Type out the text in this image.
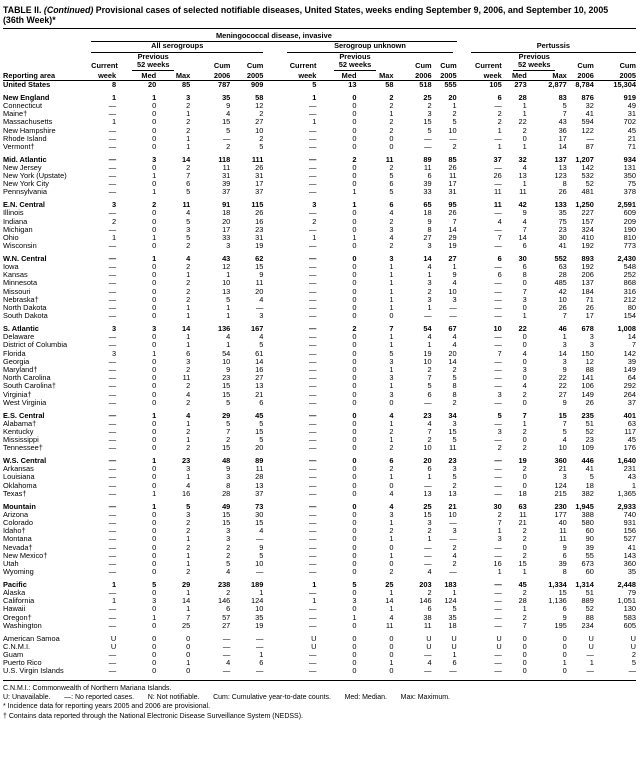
TABLE II. (Continued) Provisional cases of selected notifiable diseases, United States, weeks ending September 9, 2006, and September 10, 2005
(36th Week)*
	Meningococcal disease, invasive														

	All serogroups					Serogroup unknown					Pertussis				

	Current	Previous
52 weeks		Cum	Cum	Current	Previous
52 weeks		Cum	Cum	Current	Previous
52 weeks		Cum	Cum
Reporting area	week	Med	Max	2006	2005	week	Med	Max	2006	2005	week	Med	Max	2006	2005
United States	8	20	85	787	909	5	13	58	518	555	105	273	2,877	8,784	15,304
New England	1	1	3	35	58	1	0	2	25	20	6	28	83	876	919
Connecticut	—	0	2	9	12	—	0	2	2	1	—	1	5	32	49
Maine†	—	0	1	4	2	—	0	1	3	2	2	1	7	41	31
Massachusetts	1	0	2	15	27	1	0	2	15	5	2	22	43	594	702
New Hampshire	—	0	2	5	10	—	0	2	5	10	1	2	36	122	45
Rhode Island	—	0	1	—	2	—	0	0	—	—	—	0	17	—	21
Vermont†	—	0	1	2	5	—	0	0	—	2	1	1	14	87	71
Mid. Atlantic	—	3	14	118	111	—	2	11	89	85	37	32	137	1,207	934
New Jersey	—	0	2	11	26	—	0	2	11	26	—	4	13	142	131
New York (Upstate)	—	1	7	31	31	—	0	5	6	11	26	13	123	532	350
New York City	—	0	6	39	17	—	0	6	39	17	—	1	8	52	75
Pennsylvania	—	1	5	37	37	—	1	5	33	31	11	11	26	481	378
E.N. Central	3	2	11	91	115	3	1	6	65	95	11	42	133	1,250	2,591
Illinois	—	0	4	18	26	—	0	4	18	26	—	9	35	227	609
Indiana	2	0	5	20	16	2	0	2	9	7	4	4	75	157	209
Michigan	—	0	3	17	23	—	0	3	8	14	—	7	23	324	190
Ohio	1	1	5	33	31	1	1	4	27	29	7	14	30	410	810
Wisconsin	—	0	2	3	19	—	0	2	3	19	—	6	41	192	773
W.N. Central	—	1	4	43	62	—	0	3	14	27	6	30	552	893	2,430
Iowa	—	0	2	12	15	—	0	1	4	1	—	6	63	192	548
Kansas	—	0	1	1	9	—	0	1	1	9	6	8	28	206	252
Minnesota	—	0	2	10	11	—	0	1	3	4	—	0	485	137	868
Missouri	—	0	2	13	20	—	0	1	2	10	—	7	42	184	316
Nebraska†	—	0	2	5	4	—	0	1	3	3	—	3	10	71	212
North Dakota	—	0	1	1	—	—	0	1	1	—	—	0	26	26	80
South Dakota	—	0	1	1	3	—	0	0	—	—	—	1	7	17	154
S. Atlantic	3	3	14	136	167	—	2	7	54	67	10	22	46	678	1,008
Delaware	—	0	1	4	4	—	0	1	4	4	—	0	1	3	14
District of Columbia	—	0	1	1	5	—	0	1	1	4	—	0	3	3	7
Florida	3	1	6	54	61	—	0	5	19	20	7	4	14	150	142
Georgia	—	0	3	10	14	—	0	3	10	14	—	0	3	12	39
Maryland†	—	0	2	9	16	—	0	1	2	2	—	3	9	88	149
North Carolina	—	0	11	23	27	—	0	3	7	5	—	0	22	141	64
South Carolina†	—	0	2	15	13	—	0	1	5	8	—	4	22	106	292
Virginia†	—	0	4	15	21	—	0	3	6	8	3	2	27	149	264
West Virginia	—	0	2	5	6	—	0	0	—	2	—	0	9	26	37
E.S. Central	—	1	4	29	45	—	0	4	23	34	5	7	15	235	401
Alabama†	—	0	1	5	5	—	0	1	4	3	—	1	7	51	63
Kentucky	—	0	2	7	15	—	0	2	7	15	3	2	5	52	117
Mississippi	—	0	1	2	5	—	0	1	2	5	—	0	4	23	45
Tennessee†	—	0	2	15	20	—	0	2	10	11	2	2	10	109	176
W.S. Central	—	1	23	48	89	—	0	6	20	23	—	19	360	446	1,640
Arkansas	—	0	3	9	11	—	0	2	6	3	—	2	21	41	231
Louisiana	—	0	1	3	28	—	0	1	1	5	—	0	3	5	43
Oklahoma	—	0	4	8	13	—	0	0	—	2	—	0	124	18	1
Texas†	—	1	16	28	37	—	0	4	13	13	—	18	215	382	1,365
Mountain	—	1	5	49	73	—	0	4	25	21	30	63	230	1,945	2,933
Arizona	—	0	3	15	30	—	0	3	15	10	2	11	177	388	740
Colorado	—	0	2	15	15	—	0	1	3	—	7	21	40	580	931
Idaho†	—	0	2	3	4	—	0	2	2	3	1	2	11	60	156
Montana	—	0	1	3	—	—	0	1	1	—	3	2	11	90	527
Nevada†	—	0	2	2	9	—	0	0	—	2	—	0	9	39	41
New Mexico†	—	0	1	2	5	—	0	1	—	4	—	2	6	55	143
Utah	—	0	1	5	10	—	0	0	—	2	16	15	39	673	360
Wyoming	—	0	2	4	—	—	0	2	4	—	1	1	8	60	35
Pacific	1	5	29	238	189	1	5	25	203	183	—	45	1,334	1,314	2,448
Alaska	—	0	1	2	1	—	0	1	2	1	—	2	15	51	79
California	1	3	14	146	124	1	3	14	146	124	—	28	1,136	889	1,051
Hawaii	—	0	1	6	10	—	0	1	6	5	—	1	6	52	130
Oregon†	—	1	7	57	35	—	1	4	38	35	—	2	9	88	583
Washington	—	0	25	27	19	—	0	11	11	18	—	7	195	234	605
American Samoa	U	0	0	—	—	U	0	0	U	U	U	0	0	U	U
C.N.M.I.	U	0	0	—	—	U	0	0	U	U	U	0	0	U	U
Guam	—	0	0	—	1	—	0	0	—	1	—	0	0	—	2
Puerto Rico	—	0	1	4	6	—	0	1	4	6	—	0	1	1	5
U.S. Virgin Islands	—	0	0	—	—	—	0	0	—	—	—	0	0	—	—
C.N.M.I.: Commonwealth of Northern Mariana Islands.
U: Unavailable.       —: No reported cases.       N: Not notifiable.       Cum: Cumulative year-to-date counts.       Med: Median.       Max: Maximum.
* Incidence data for reporting years 2005 and 2006 are provisional.
† Contains data reported through the National Electronic Disease Surveillance System (NEDSS).
